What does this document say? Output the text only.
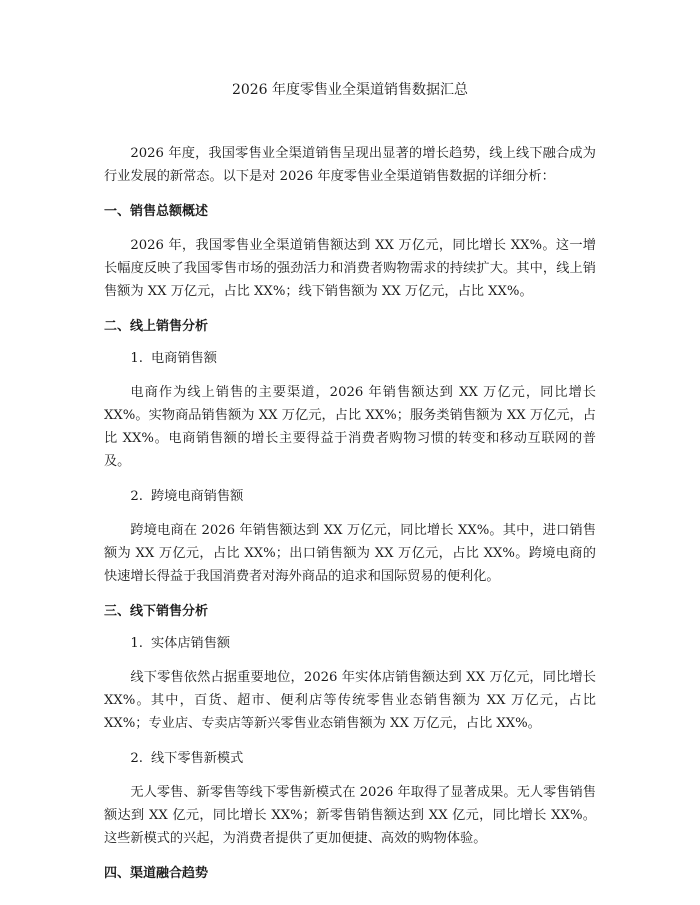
2026 年度零售业全渠道销售数据汇总

2026 年度，我国零售业全渠道销售呈现出显著的增长趋势，线上线下融合成为行业发展的新常态。以下是对 2026 年度零售业全渠道销售数据的详细分析：

一、销售总额概述

2026 年，我国零售业全渠道销售额达到 XX 万亿元，同比增长 XX%。这一增长幅度反映了我国零售市场的强劲活力和消费者购物需求的持续扩大。其中，线上销售额为 XX 万亿元，占比 XX%；线下销售额为 XX 万亿元，占比 XX%。

二、线上销售分析
1. 电商销售额

电商作为线上销售的主要渠道，2026 年销售额达到 XX 万亿元，同比增长 XX%。实物商品销售额为 XX 万亿元，占比 XX%；服务类销售额为 XX 万亿元，占比 XX%。电商销售额的增长主要得益于消费者购物习惯的转变和移动互联网的普及。

2. 跨境电商销售额

跨境电商在 2026 年销售额达到 XX 万亿元，同比增长 XX%。其中，进口销售额为 XX 万亿元，占比 XX%；出口销售额为 XX 万亿元，占比 XX%。跨境电商的快速增长得益于我国消费者对海外商品的追求和国际贸易的便利化。

三、线下销售分析
1. 实体店销售额

线下零售依然占据重要地位，2026 年实体店销售额达到 XX 万亿元，同比增长 XX%。其中，百货、超市、便利店等传统零售业态销售额为 XX 万亿元，占比 XX%；专业店、专卖店等新兴零售业态销售额为 XX 万亿元，占比 XX%。

2. 线下零售新模式

无人零售、新零售等线下零售新模式在 2026 年取得了显著成果。无人零售销售额达到 XX 亿元，同比增长 XX%；新零售销售额达到 XX 亿元，同比增长 XX%。这些新模式的兴起，为消费者提供了更加便捷、高效的购物体验。

四、渠道融合趋势
